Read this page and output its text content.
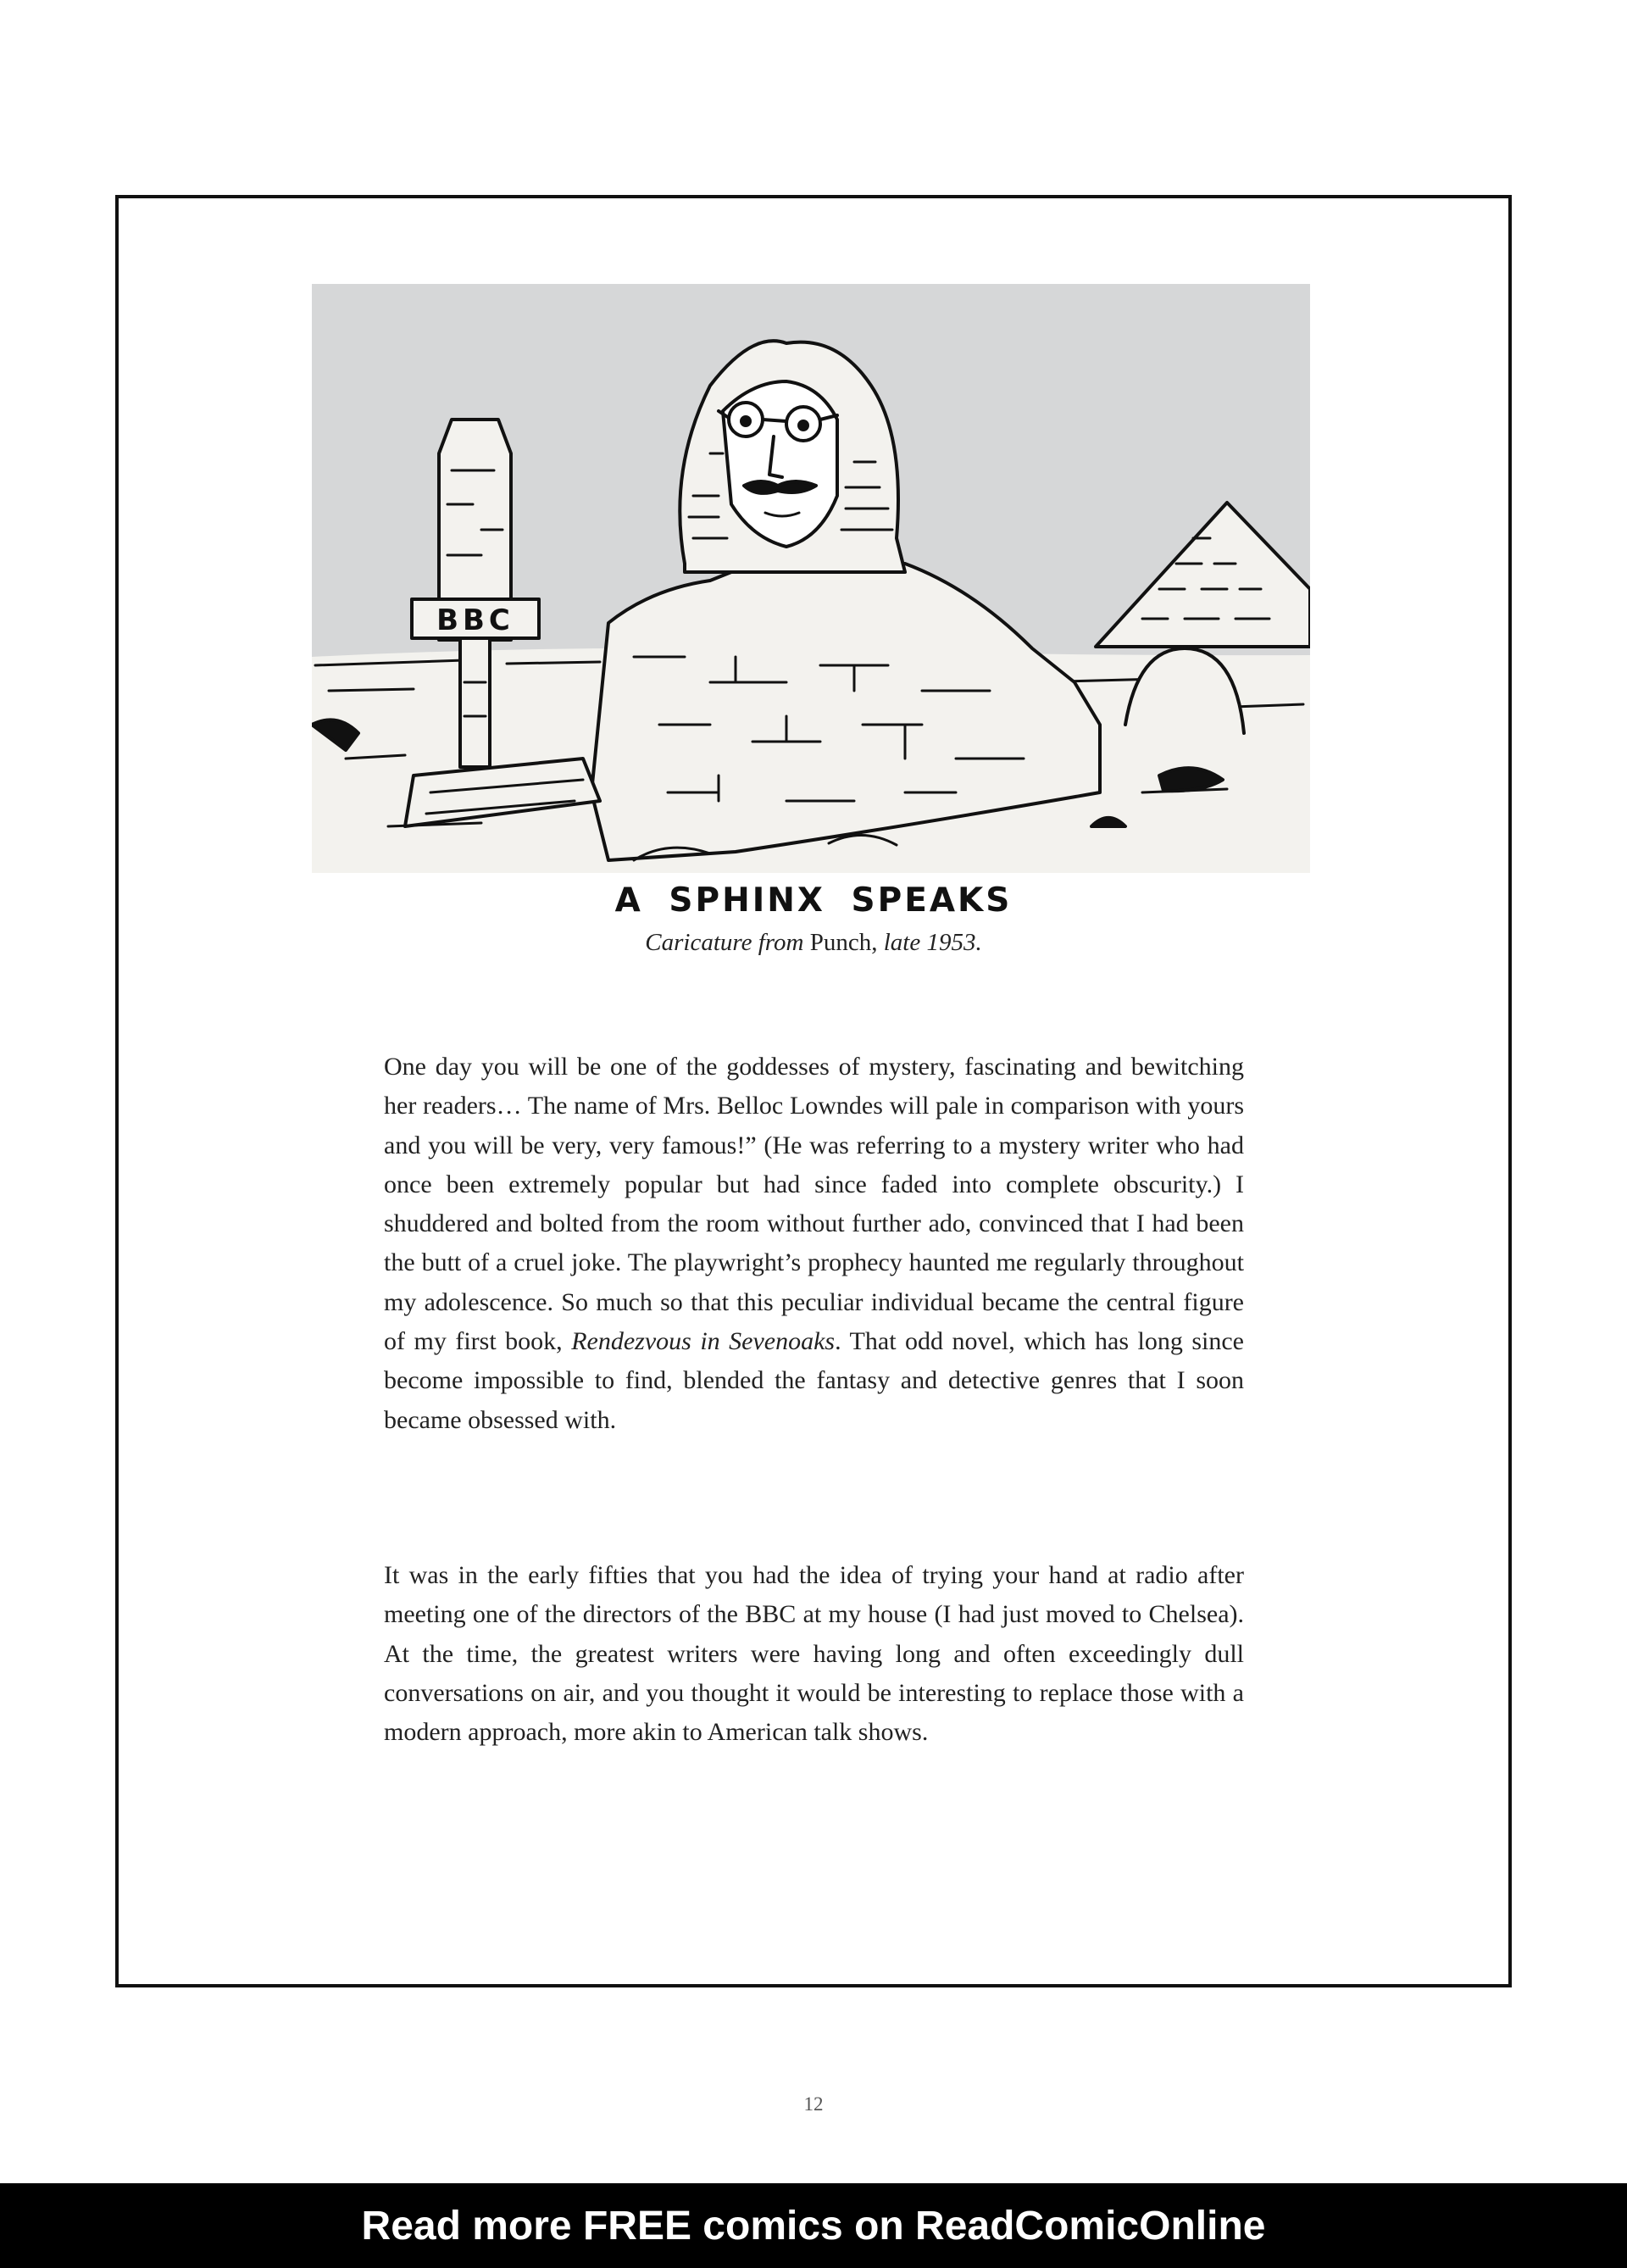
BBC
A SPHINX SPEAKS
Caricature from Punch, late 1953.

One day you will be one of the goddesses of mystery, fascinating and bewitching her readers… The name of Mrs. Belloc Lowndes will pale in comparison with yours and you will be very, very famous!” (He was referring to a mystery writer who had once been extremely popular but had since faded into complete obscurity.) I shuddered and bolted from the room without further ado, convinced that I had been the butt of a cruel joke. The playwright’s prophecy haunted me regularly throughout my adolescence. So much so that this peculiar individual became the central figure of my first book, Rendezvous in Sevenoaks. That odd novel, which has long since become impossible to find, blended the fantasy and detective genres that I soon became obsessed with.

It was in the early fifties that you had the idea of trying your hand at radio after meeting one of the directors of the BBC at my house (I had just moved to Chelsea). At the time, the greatest writers were having long and often exceedingly dull conversations on air, and you thought it would be interesting to replace those with a modern approach, more akin to American talk shows.

12
Read more FREE comics on ReadComicOnline
